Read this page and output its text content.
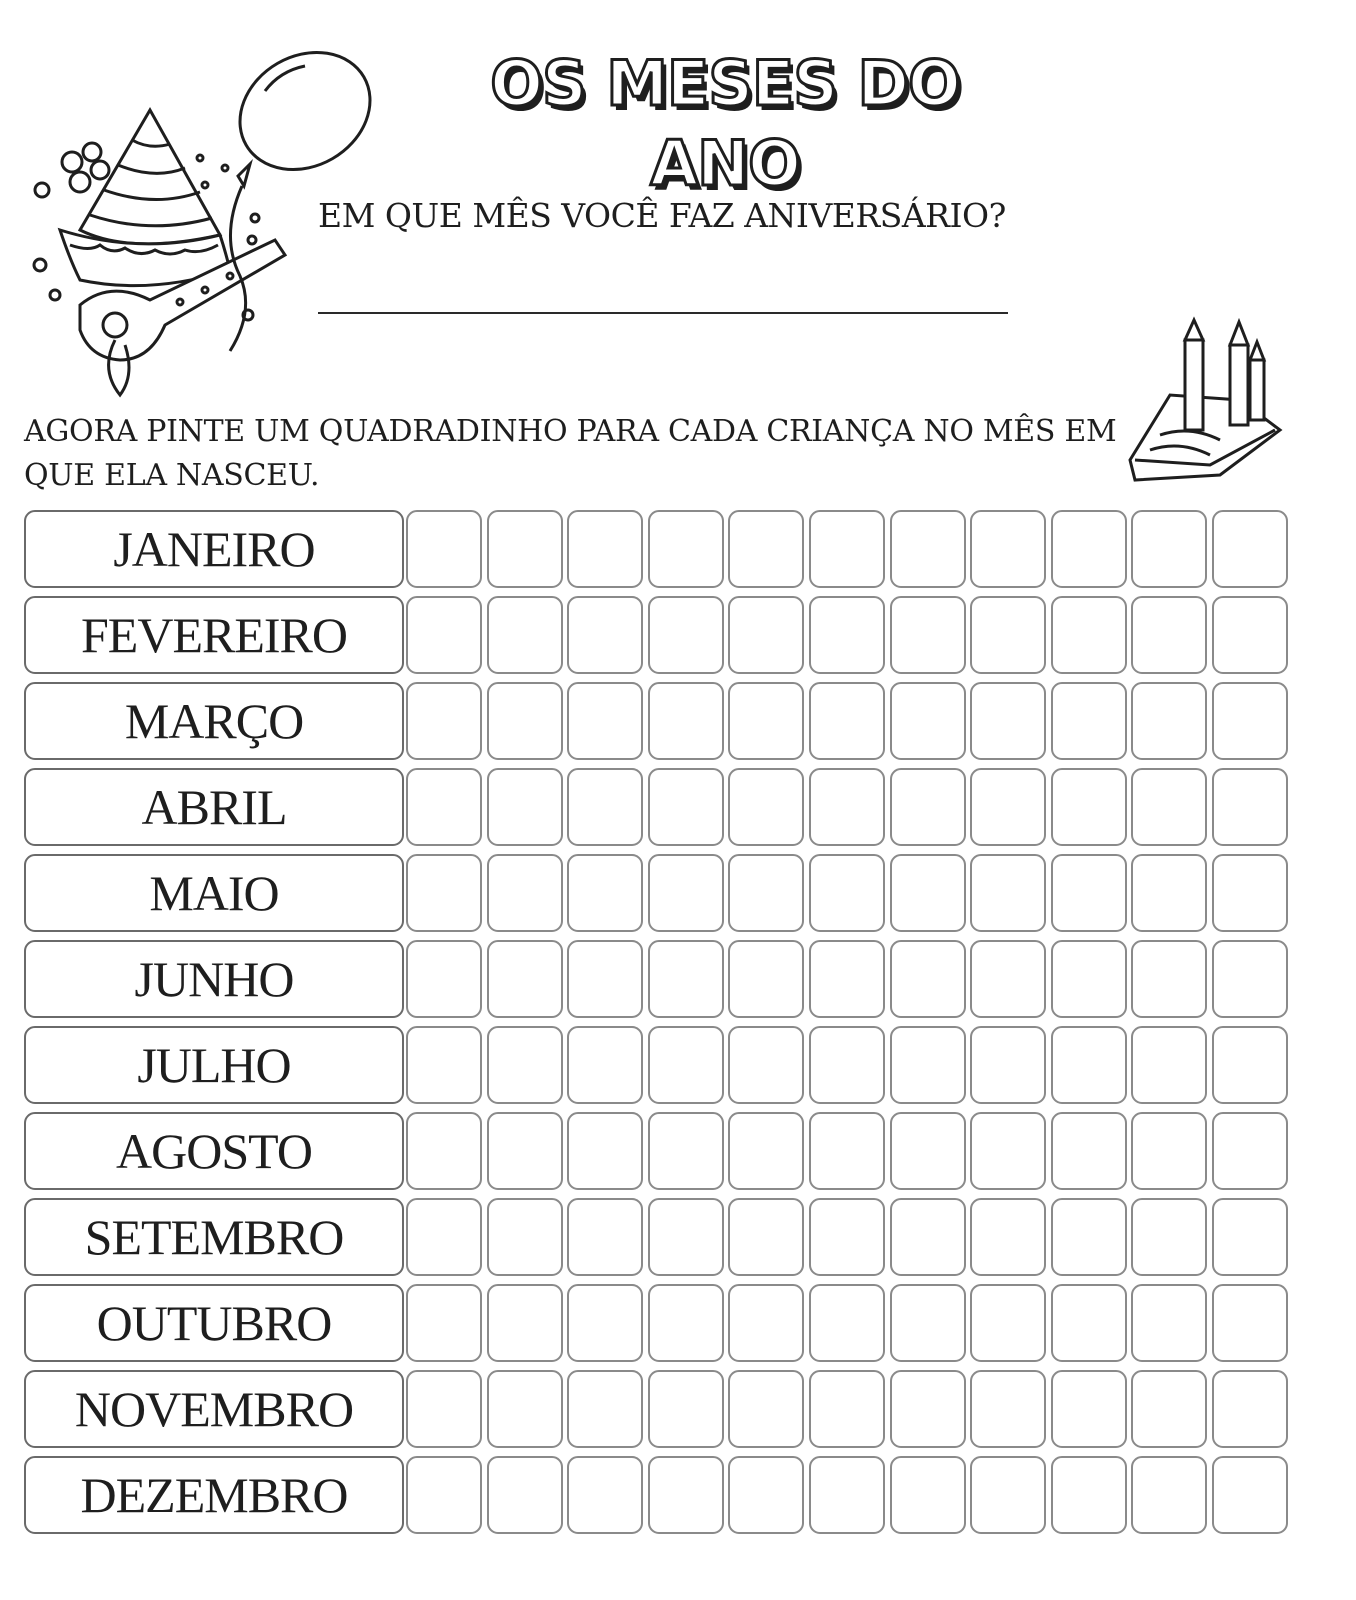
OS MESES DO ANO
EM QUE MÊS VOCÊ FAZ ANIVERSÁRIO?
AGORA PINTE UM QUADRADINHO PARA CADA CRIANÇA NO MÊS EM QUE ELA NASCEU.
JANEIRO
FEVEREIRO
MARÇO
ABRIL
MAIO
JUNHO
JULHO
AGOSTO
SETEMBRO
OUTUBRO
NOVEMBRO
DEZEMBRO
